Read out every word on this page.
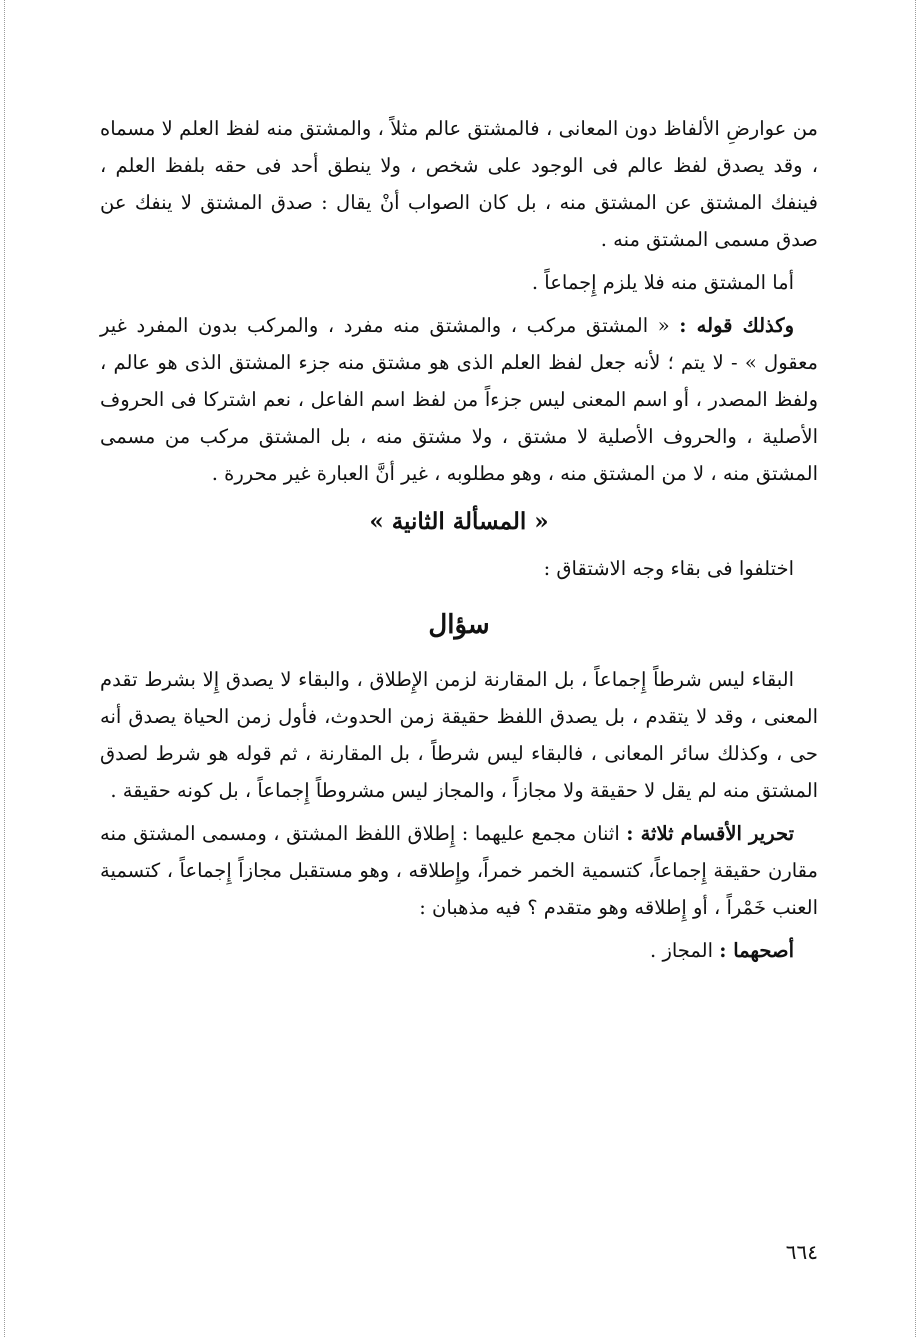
من عوارضِ الألفاظ دون المعانى ، فالمشتق عالم مثلاً ، والمشتق منه لفظ العلم لا مسماه ، وقد يصدق لفظ عالم فى الوجود على شخص ، ولا ينطق أحد فى حقه بلفظ العلم ، فينفك المشتق عن المشتق منه ، بل كان الصواب أنْ يقال : صدق المشتق لا ينفك عن صدق مسمى المشتق منه .

أما المشتق منه فلا يلزم إِجماعاً .

وكذلك قوله : « المشتق مركب ، والمشتق منه مفرد ، والمركب بدون المفرد غير معقول » - لا يتم ؛ لأنه جعل لفظ العلم الذى هو مشتق منه جزء المشتق الذى هو عالم ، ولفظ المصدر ، أو اسم المعنى ليس جزءاً من لفظ اسم الفاعل ، نعم اشتركا فى الحروف الأصلية ، والحروف الأصلية لا مشتق ، ولا مشتق منه ، بل المشتق مركب من مسمى المشتق منه ، لا من المشتق منه ، وهو مطلوبه ، غير أنَّ العبارة غير محررة .

« المسألة الثانية »

اختلفوا فى بقاء وجه الاشتقاق :

سؤال

البقاء ليس شرطاً إِجماعاً ، بل المقارنة لزمن الإِطلاق ، والبقاء لا يصدق إِلا بشرط تقدم المعنى ، وقد لا يتقدم ، بل يصدق اللفظ حقيقة زمن الحدوث، فأول زمن الحياة يصدق أنه حى ، وكذلك سائر المعانى ، فالبقاء ليس شرطاً ، بل المقارنة ، ثم قوله هو شرط لصدق المشتق منه لم يقل لا حقيقة ولا مجازاً ، والمجاز ليس مشروطاً إِجماعاً ، بل كونه حقيقة .

تحرير الأقسام ثلاثة : اثنان مجمع عليهما : إِطلاق اللفظ المشتق ، ومسمى المشتق منه مقارن حقيقة إِجماعاً، كتسمية الخمر خمراً، وإِطلاقه ، وهو مستقبل مجازاً إِجماعاً ، كتسمية العنب خَمْراً ، أو إِطلاقه وهو متقدم ؟ فيه مذهبان :

أصحهما : المجاز .

٦٦٤
